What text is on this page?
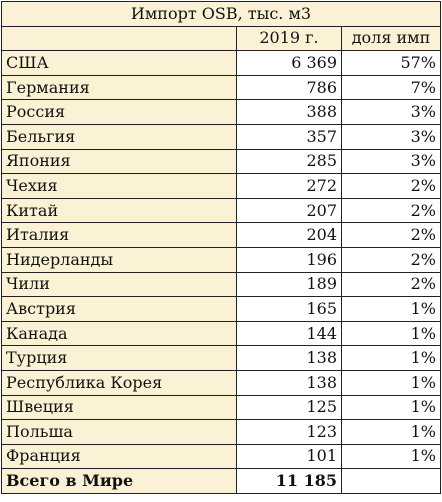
Импорт OSB, тыс. м3		
	2019 г.	доля имп
США	6 369	57%
Германия	786	7%
Россия	388	3%
Бельгия	357	3%
Япония	285	3%
Чехия	272	2%
Китай	207	2%
Италия	204	2%
Нидерланды	196	2%
Чили	189	2%
Австрия	165	1%
Канада	144	1%
Турция	138	1%
Республика Корея	138	1%
Швеция	125	1%
Польша	123	1%
Франция	101	1%
Всего в Мире	11 185	
